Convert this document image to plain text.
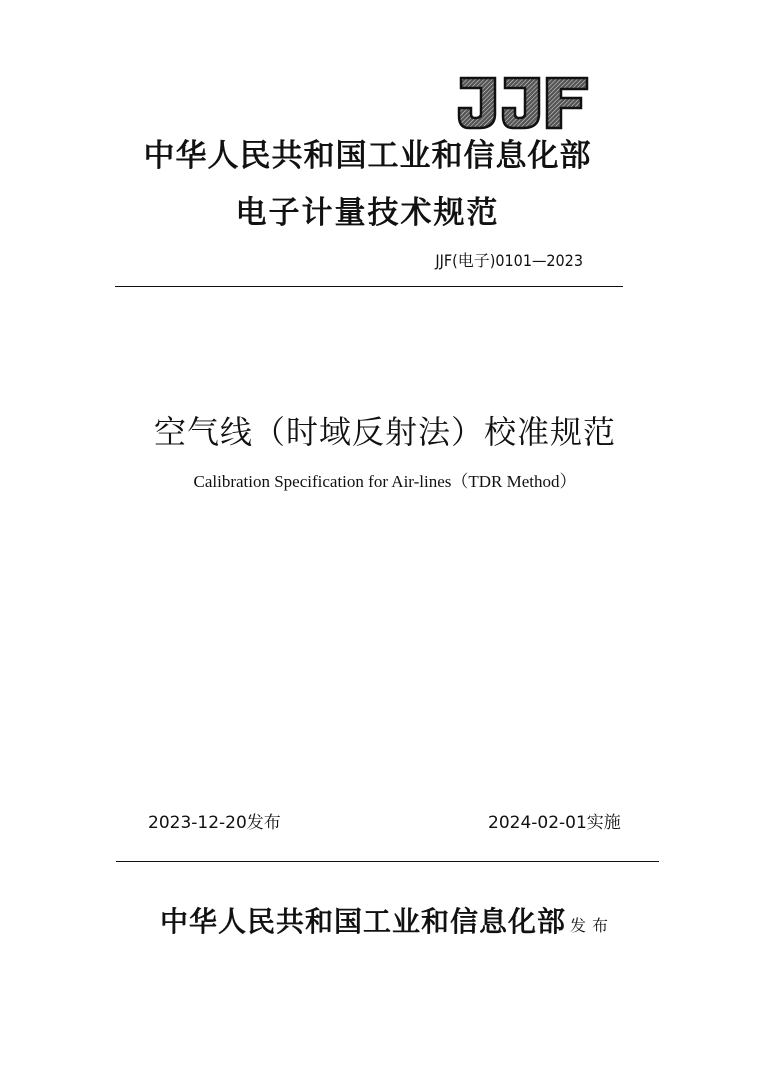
中华人民共和国工业和信息化部
电子计量技术规范
JJF(电子)0101—2023
空气线（时域反射法）校准规范
Calibration Specification for Air-lines（TDR Method）
2023-12-20发布	2024-02-01实施
中华人民共和国工业和信息化部 发布
